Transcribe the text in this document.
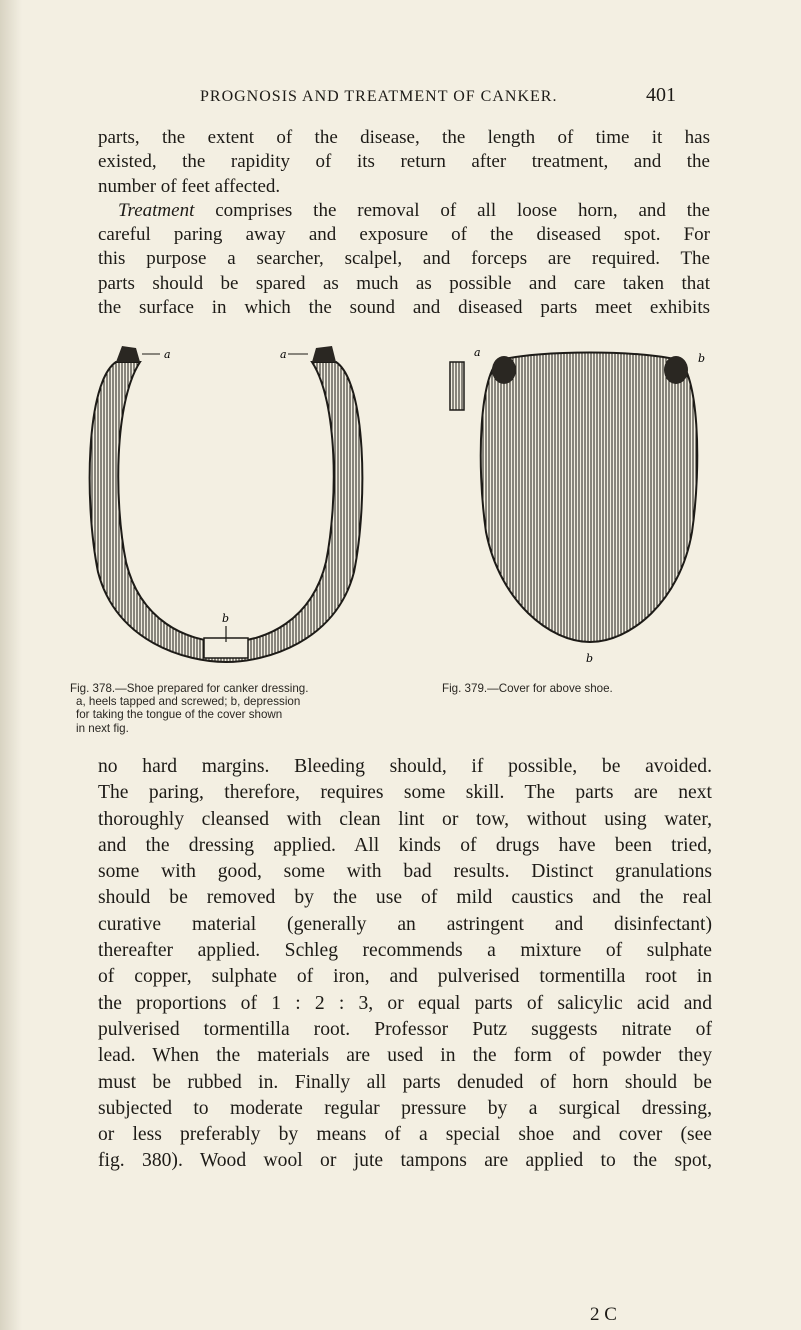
PROGNOSIS AND TREATMENT OF CANKER.	401

parts, the extent of the disease, the length of time it has
existed, the rapidity of its return after treatment, and the
number of feet affected.
Treatment comprises the removal of all loose horn, and the
careful paring away and exposure of the diseased spot. For
this purpose a searcher, scalpel, and forceps are required. The
parts should be spared as much as possible and care taken that
the surface in which the sound and diseased parts meet exhibits

a	a
b
a	b
b
Fig. 378.—Shoe prepared for canker dressing.
a, heels tapped and screwed; b, depression
for taking the tongue of the cover shown
in next fig.
Fig. 379.—Cover for above shoe.

no hard margins. Bleeding should, if possible, be avoided.
The paring, therefore, requires some skill. The parts are next
thoroughly cleansed with clean lint or tow, without using water,
and the dressing applied. All kinds of drugs have been tried,
some with good, some with bad results. Distinct granulations
should be removed by the use of mild caustics and the real
curative material (generally an astringent and disinfectant)
thereafter applied. Schleg recommends a mixture of sulphate
of copper, sulphate of iron, and pulverised tormentilla root in
the proportions of 1 : 2 : 3, or equal parts of salicylic acid and
pulverised tormentilla root. Professor Putz suggests nitrate of
lead. When the materials are used in the form of powder they
must be rubbed in. Finally all parts denuded of horn should be
subjected to moderate regular pressure by a surgical dressing,
or less preferably by means of a special shoe and cover (see
fig. 380). Wood wool or jute tampons are applied to the spot,

2 C
